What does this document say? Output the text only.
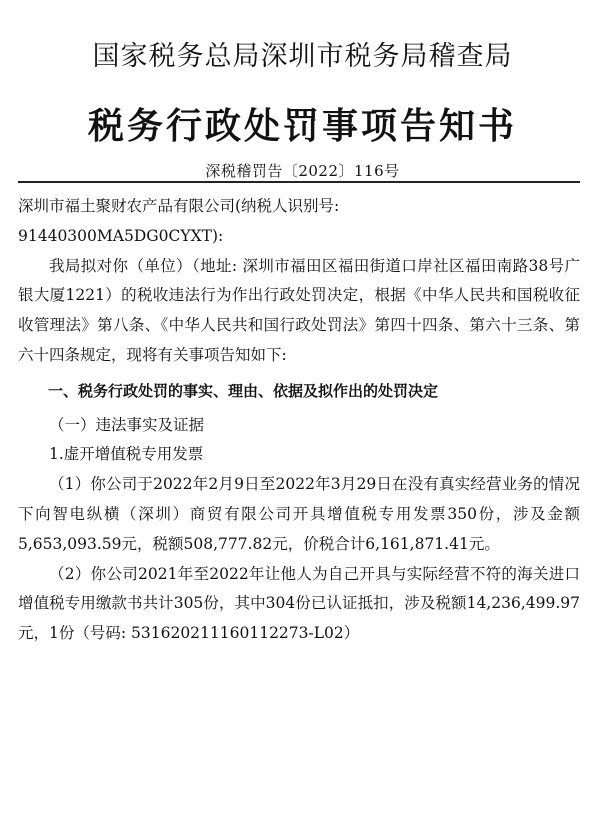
国家税务总局深圳市税务局稽查局
税务行政处罚事项告知书
深税稽罚告〔2022〕116号

深圳市福土聚财农产品有限公司(纳税人识别号:

91440300MA5DG0CYXT):

我局拟对你（单位）（地址: 深圳市福田区福田街道口岸社区福田南路38号广银大厦1221）的税收违法行为作出行政处罚决定，根据《中华人民共和国税收征收管理法》第八条、《中华人民共和国行政处罚法》第四十四条、第六十三条、第六十四条规定，现将有关事项告知如下:

一、税务行政处罚的事实、理由、依据及拟作出的处罚决定

（一）违法事实及证据

1.虚开增值税专用发票

（1）你公司于2022年2月9日至2022年3月29日在没有真实经营业务的情况下向智电纵横（深圳）商贸有限公司开具增值税专用发票350份，涉及金额5,653,093.59元，税额508,777.82元，价税合计6,161,871.41元。

（2）你公司2021年至2022年让他人为自己开具与实际经营不符的海关进口增值税专用缴款书共计305份，其中304份已认证抵扣，涉及税额14,236,499.97元，1份（号码: 531620211160112273-L02）
